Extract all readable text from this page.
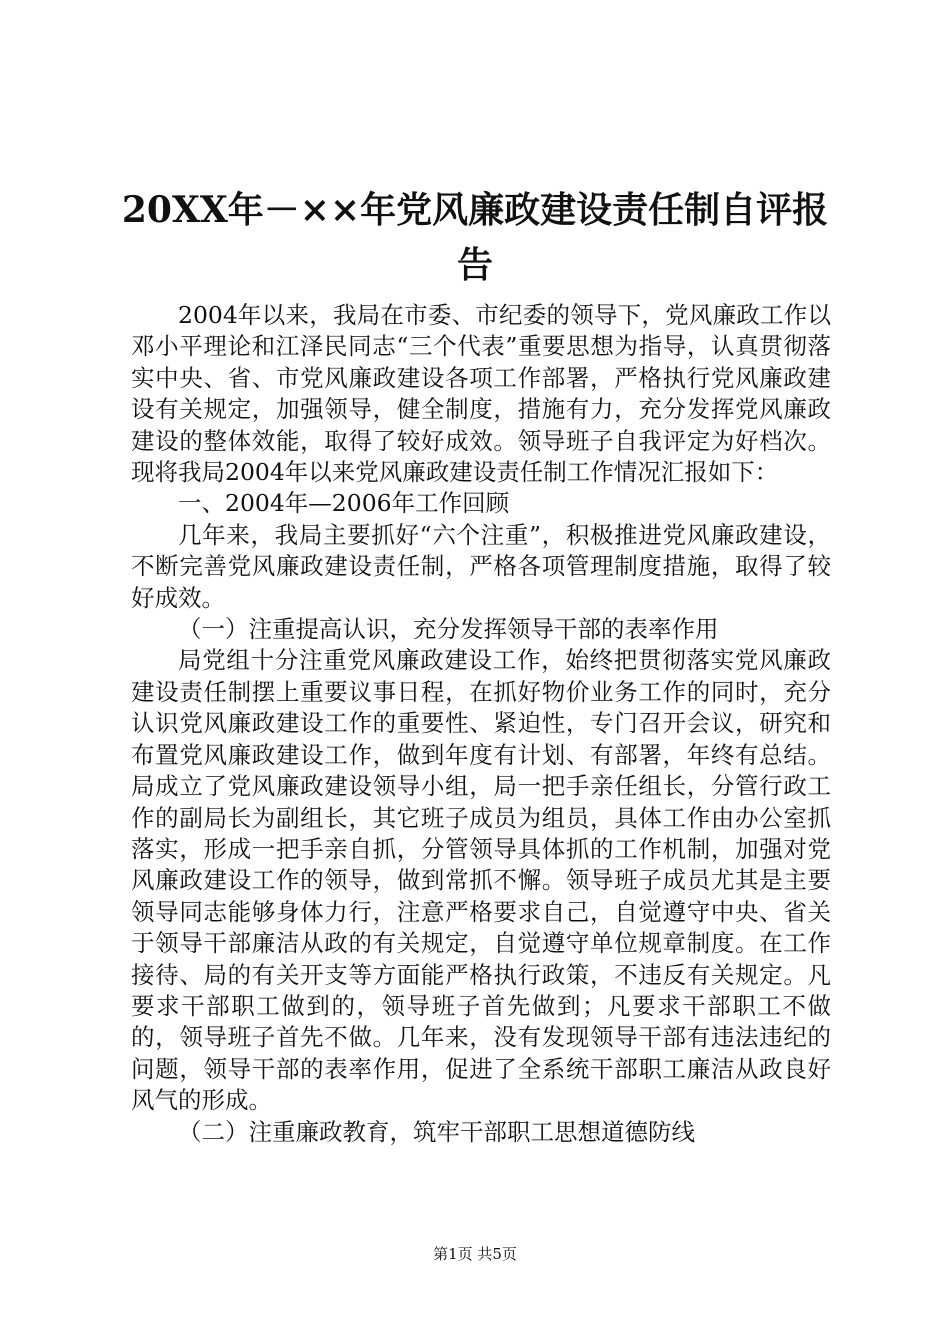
20XX年－××年党风廉政建设责任制自评报
告

2004年以来，我局在市委、市纪委的领导下，党风廉政工作以邓小平理论和江泽民同志“三个代表”重要思想为指导，认真贯彻落实中央、省、市党风廉政建设各项工作部署，严格执行党风廉政建设有关规定，加强领导，健全制度，措施有力，充分发挥党风廉政建设的整体效能，取得了较好成效。领导班子自我评定为好档次。现将我局2004年以来党风廉政建设责任制工作情况汇报如下：

一、2004年—2006年工作回顾

几年来，我局主要抓好“六个注重”，积极推进党风廉政建设，不断完善党风廉政建设责任制，严格各项管理制度措施，取得了较好成效。

（一）注重提高认识，充分发挥领导干部的表率作用

局党组十分注重党风廉政建设工作，始终把贯彻落实党风廉政建设责任制摆上重要议事日程，在抓好物价业务工作的同时，充分认识党风廉政建设工作的重要性、紧迫性，专门召开会议，研究和布置党风廉政建设工作，做到年度有计划、有部署，年终有总结。局成立了党风廉政建设领导小组，局一把手亲任组长，分管行政工作的副局长为副组长，其它班子成员为组员，具体工作由办公室抓落实，形成一把手亲自抓，分管领导具体抓的工作机制，加强对党风廉政建设工作的领导，做到常抓不懈。领导班子成员尤其是主要领导同志能够身体力行，注意严格要求自己，自觉遵守中央、省关于领导干部廉洁从政的有关规定，自觉遵守单位规章制度。在工作接待、局的有关开支等方面能严格执行政策，不违反有关规定。凡要求干部职工做到的，领导班子首先做到；凡要求干部职工不做的，领导班子首先不做。几年来，没有发现领导干部有违法违纪的问题，领导干部的表率作用，促进了全系统干部职工廉洁从政良好风气的形成。

（二）注重廉政教育，筑牢干部职工思想道德防线

第1页 共5页
